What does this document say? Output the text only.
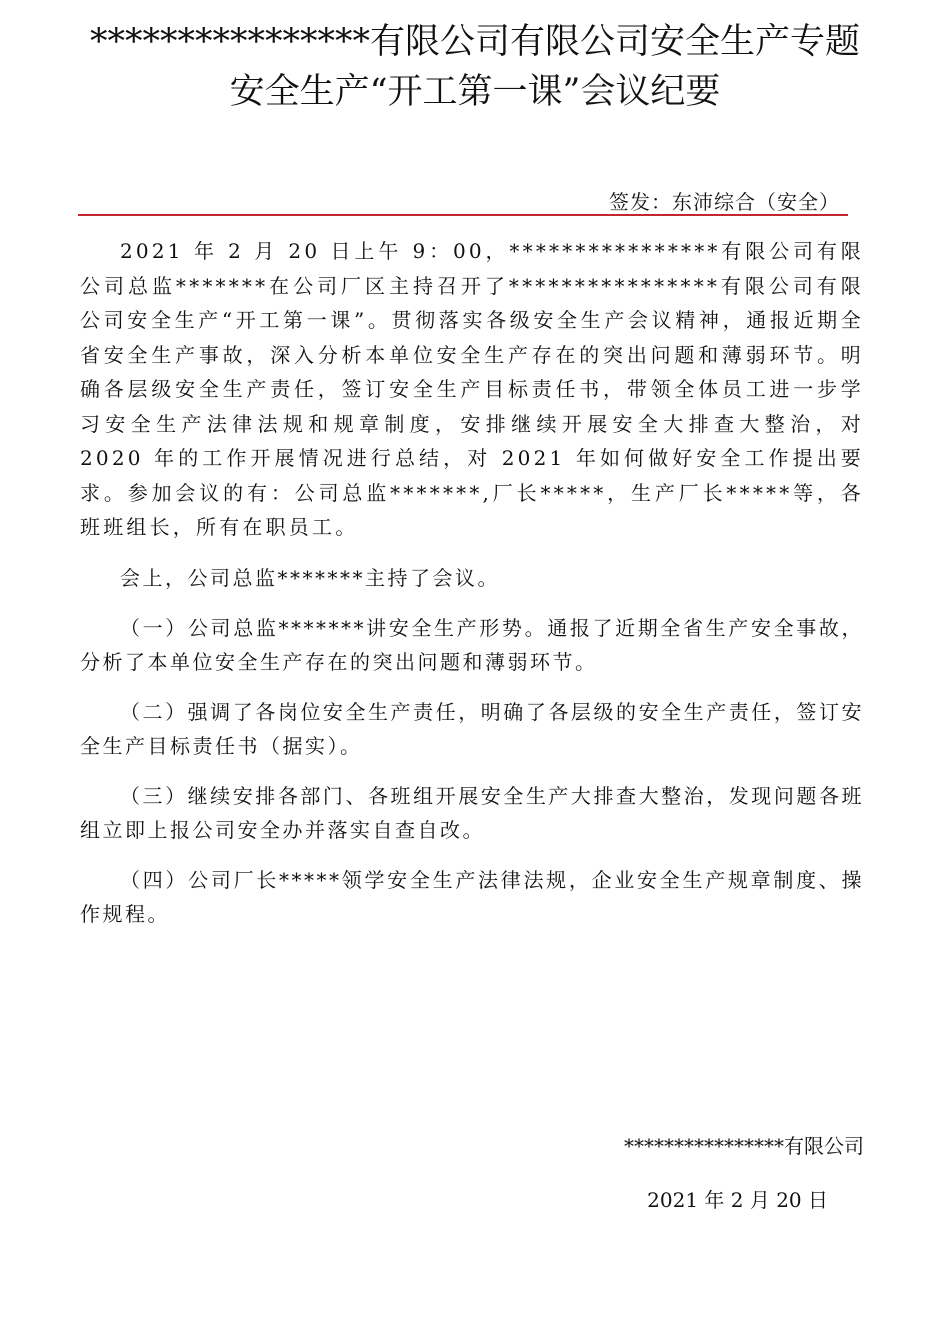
****************有限公司有限公司安全生产专题
安全生产“开工第一课”会议纪要
签发：东沛综合（安全）

2021 年 2 月 20 日上午 9：00，****************有限公司有限公司总监*******在公司厂区主持召开了****************有限公司有限公司安全生产“开工第一课”。贯彻落实各级安全生产会议精神，通报近期全省安全生产事故，深入分析本单位安全生产存在的突出问题和薄弱环节。明确各层级安全生产责任，签订安全生产目标责任书，带领全体员工进一步学习安全生产法律法规和规章制度，安排继续开展安全大排查大整治，对 2020 年的工作开展情况进行总结，对 2021 年如何做好安全工作提出要求。参加会议的有：公司总监*******,厂长*****，生产厂长*****等，各班班组长，所有在职员工。

会上，公司总监*******主持了会议。

（一）公司总监*******讲安全生产形势。通报了近期全省生产安全事故，分析了本单位安全生产存在的突出问题和薄弱环节。

（二）强调了各岗位安全生产责任，明确了各层级的安全生产责任，签订安全生产目标责任书（据实）。

（三）继续安排各部门、各班组开展安全生产大排查大整治，发现问题各班组立即上报公司安全办并落实自查自改。

（四）公司厂长*****领学安全生产法律法规，企业安全生产规章制度、操作规程。

****************有限公司
2021 年 2 月 20 日
